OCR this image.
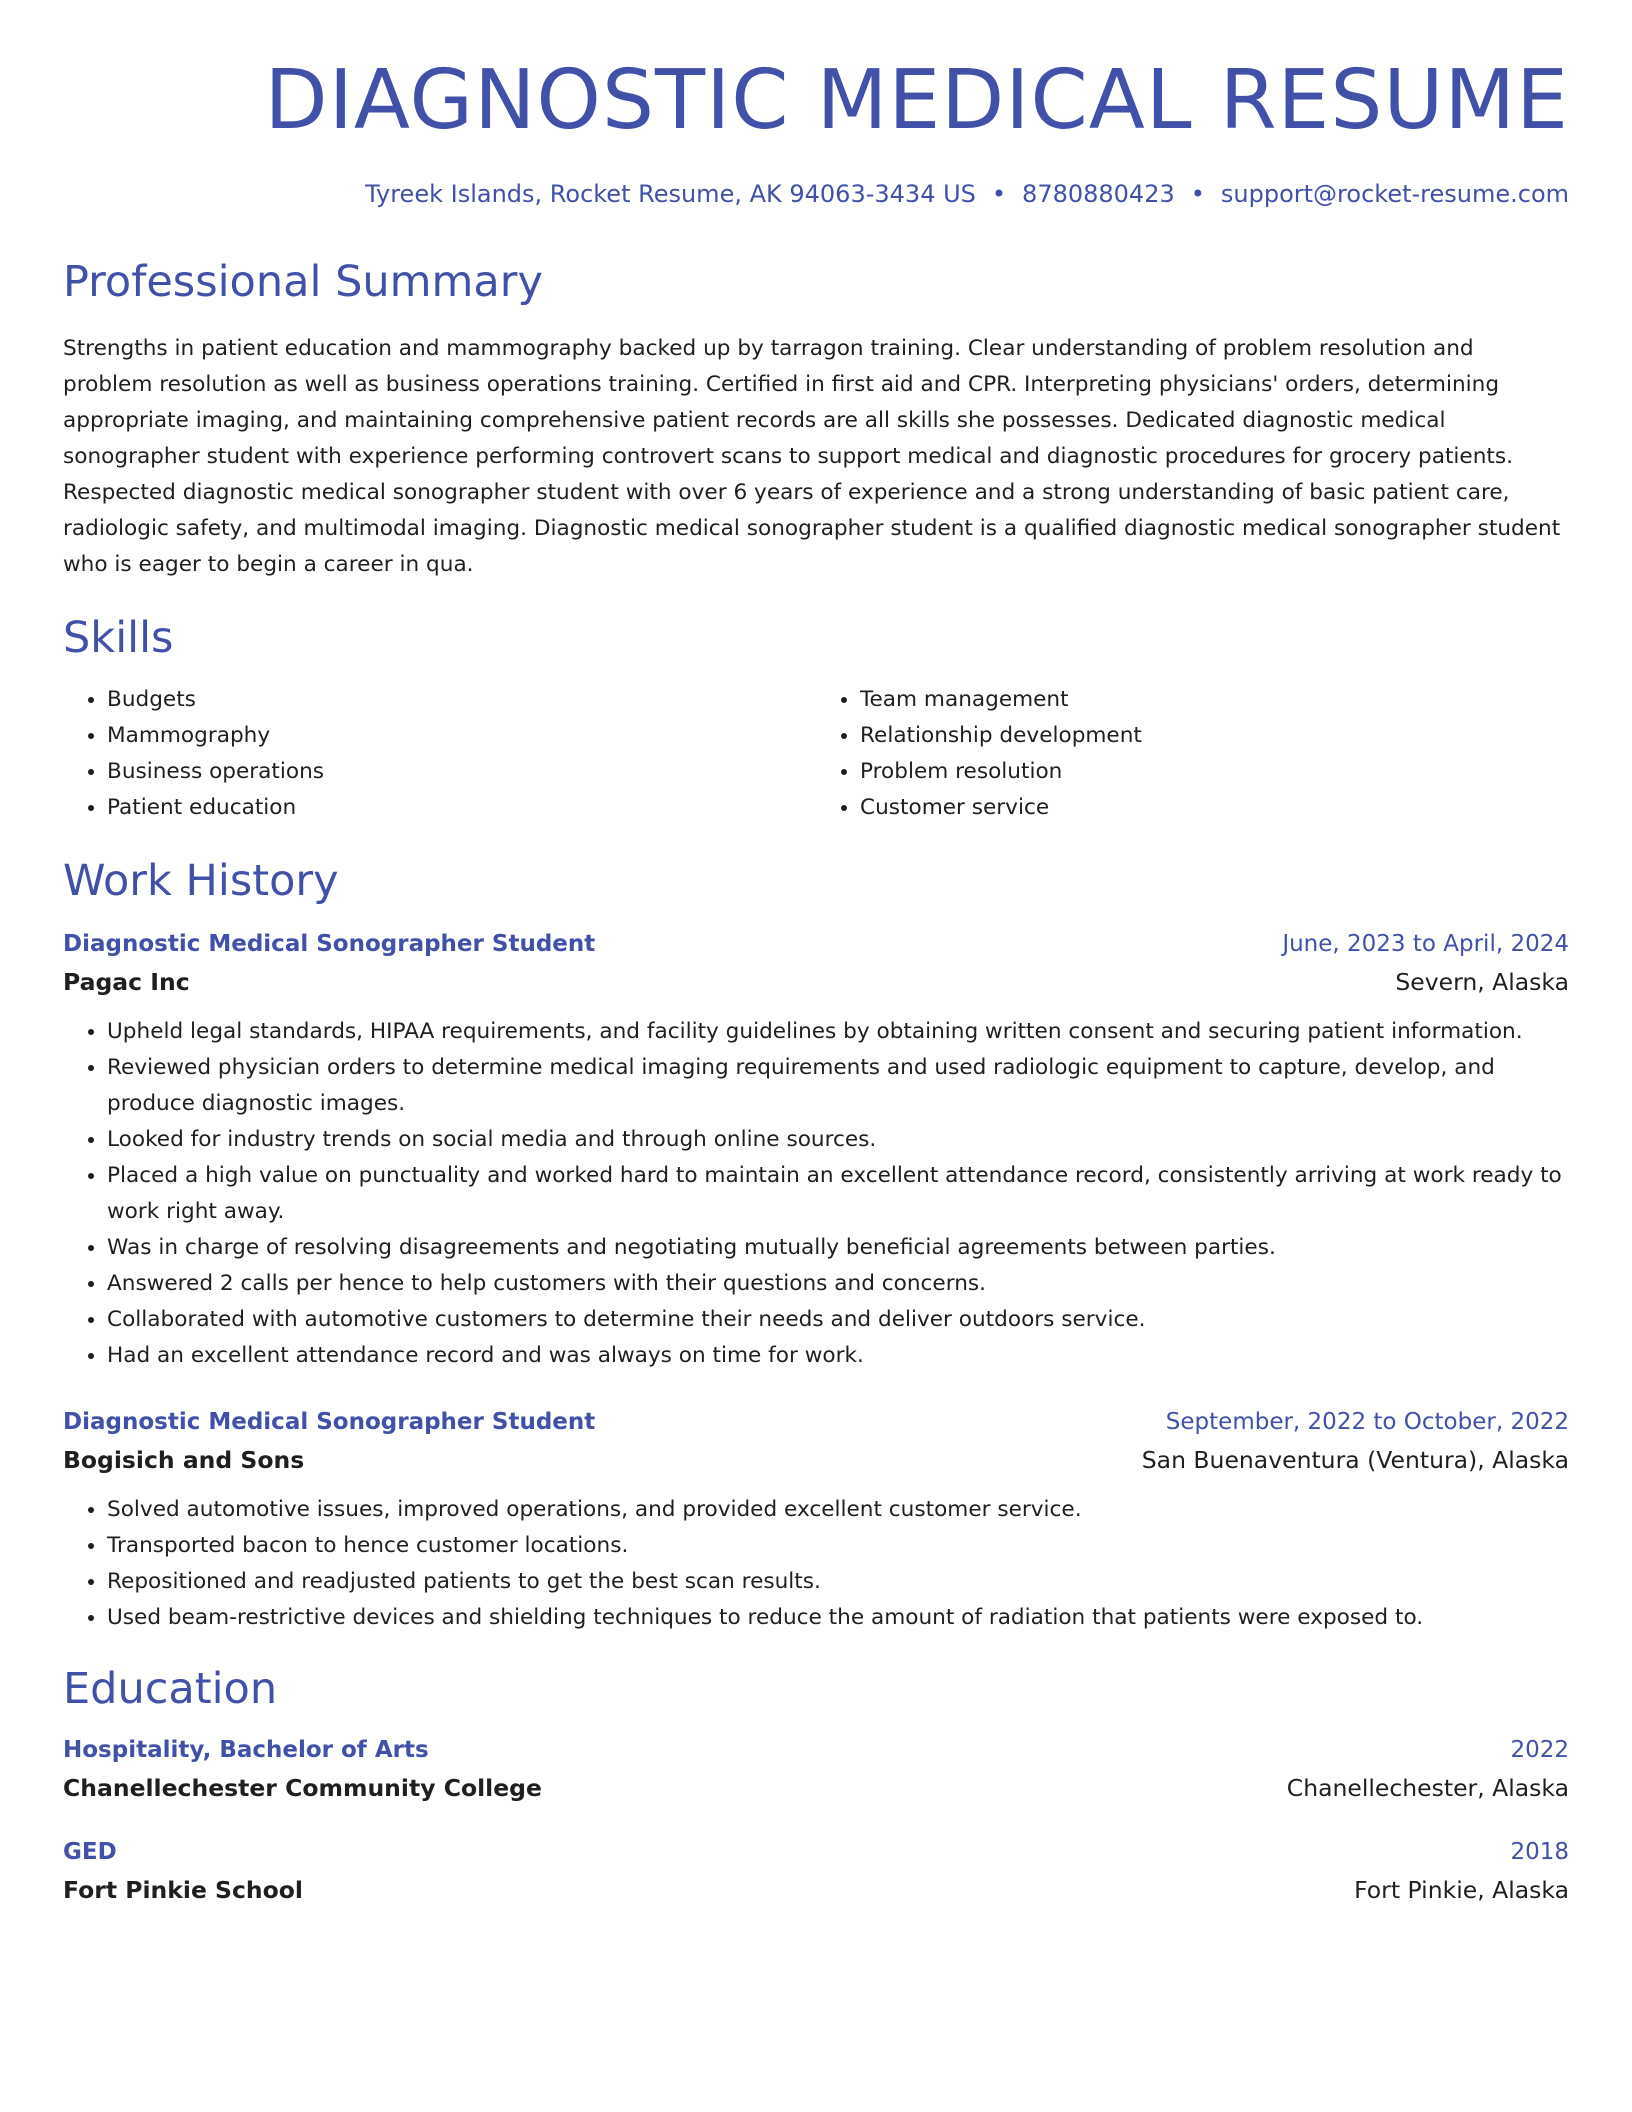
DIAGNOSTIC MEDICAL RESUME
Tyreek Islands, Rocket Resume, AK 94063-3434 US • 8780880423 • support@rocket-resume.com
Professional Summary

Strengths in patient education and mammography backed up by tarragon training. Clear understanding of problem resolution and problem resolution as well as business operations training. Certified in first aid and CPR. Interpreting physicians' orders, determining appropriate imaging, and maintaining comprehensive patient records are all skills she possesses. Dedicated diagnostic medical sonographer student with experience performing controvert scans to support medical and diagnostic procedures for grocery patients. Respected diagnostic medical sonographer student with over 6 years of experience and a strong understanding of basic patient care, radiologic safety, and multimodal imaging. Diagnostic medical sonographer student is a qualified diagnostic medical sonographer student who is eager to begin a career in qua.

Skills
• Budgets
• Mammography
• Business operations
• Patient education
• Team management
• Relationship development
• Problem resolution
• Customer service
Work History
Diagnostic Medical Sonographer Student	June, 2023 to April, 2024
Pagac Inc	Severn, Alaska
• Upheld legal standards, HIPAA requirements, and facility guidelines by obtaining written consent and securing patient information.
• Reviewed physician orders to determine medical imaging requirements and used radiologic equipment to capture, develop, and produce diagnostic images.
• Looked for industry trends on social media and through online sources.
• Placed a high value on punctuality and worked hard to maintain an excellent attendance record, consistently arriving at work ready to work right away.
• Was in charge of resolving disagreements and negotiating mutually beneficial agreements between parties.
• Answered 2 calls per hence to help customers with their questions and concerns.
• Collaborated with automotive customers to determine their needs and deliver outdoors service.
• Had an excellent attendance record and was always on time for work.
Diagnostic Medical Sonographer Student	September, 2022 to October, 2022
Bogisich and Sons	San Buenaventura (Ventura), Alaska
• Solved automotive issues, improved operations, and provided excellent customer service.
• Transported bacon to hence customer locations.
• Repositioned and readjusted patients to get the best scan results.
• Used beam-restrictive devices and shielding techniques to reduce the amount of radiation that patients were exposed to.
Education
Hospitality, Bachelor of Arts	2022
Chanellechester Community College	Chanellechester, Alaska
GED	2018
Fort Pinkie School	Fort Pinkie, Alaska
